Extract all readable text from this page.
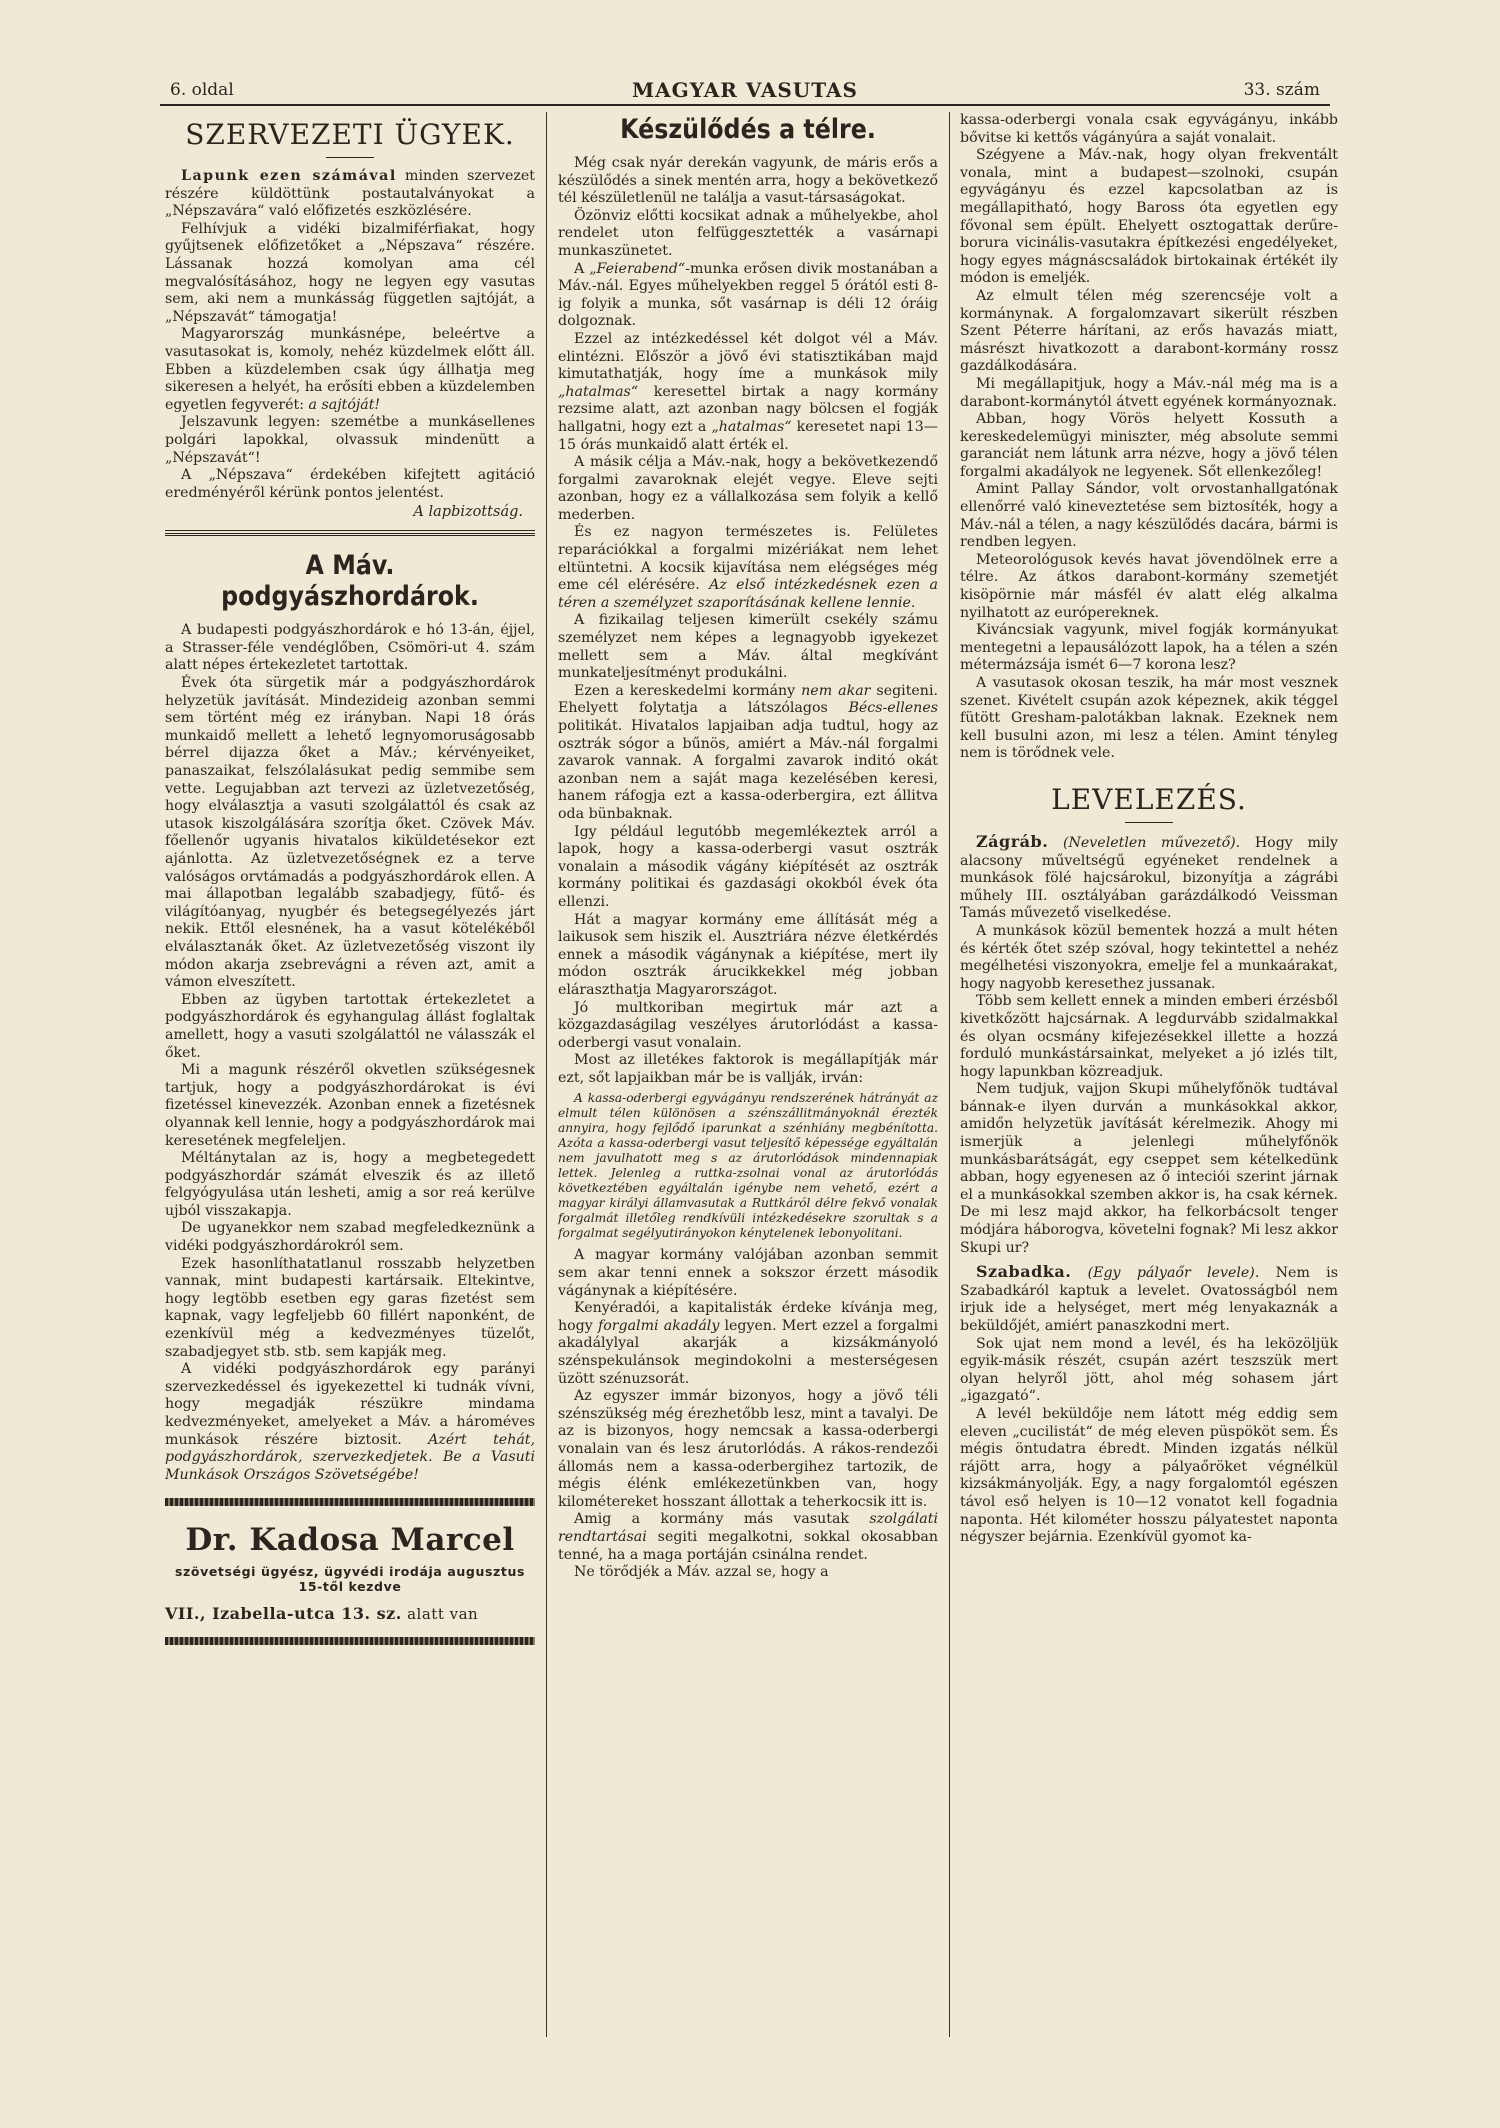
6. oldal	MAGYAR VASUTAS	33. szám
SZERVEZETI ÜGYEK.

Lapunk ezen számával minden szervezet részére küldöttünk postautalványokat a „Népszavára“ való előfizetés eszközlésére.

Felhívjuk a vidéki bizalmiférfiakat, hogy gyűjtsenek előfizetőket a „Népszava“ részére. Lássanak hozzá komolyan ama cél megvalósításához, hogy ne legyen egy vasutas sem, aki nem a munkásság független sajtóját, a „Népszavát“ támogatja!

Magyarország munkásnépe, beleértve a vasutasokat is, komoly, nehéz küzdelmek előtt áll. Ebben a küzdelemben csak úgy állhatja meg sikeresen a helyét, ha erősíti ebben a küzdelemben egyetlen fegyverét: a sajtóját!

Jelszavunk legyen: szemétbe a munkásellenes polgári lapokkal, olvassuk mindenütt a „Népszavát“!

A „Népszava“ érdekében kifejtett agitáció eredményéről kérünk pontos jelentést.

A lapbizottság.
A Máv. podgyászhordárok.

A budapesti podgyászhordárok e hó 13-án, éjjel, a Strasser-féle vendéglőben, Csömöri-ut 4. szám alatt népes értekezletet tartottak.

Évek óta sürgetik már a podgyászhordárok helyzetük javítását. Mindezideig azonban semmi sem történt még ez irányban. Napi 18 órás munkaidő mellett a lehető legnyomoruságosabb bérrel dijazza őket a Máv.; kérvényeiket, panaszaikat, felszólalásukat pedig semmibe sem vette. Legujabban azt tervezi az üzletvezetőség, hogy elválasztja a vasuti szolgálattól és csak az utasok kiszolgálására szorítja őket. Czövek Máv. főellenőr ugyanis hivatalos kiküldetésekor ezt ajánlotta. Az üzletvezetőségnek ez a terve valóságos orvtámadás a podgyászhordárok ellen. A mai állapotban legalább szabadjegy, fütő- és világítóanyag, nyugbér és betegsegélyezés járt nekik. Ettől elesnének, ha a vasut kötelékéből elválasztanák őket. Az üzletvezetőség viszont ily módon akarja zsebrevágni a réven azt, amit a vámon elveszített.

Ebben az ügyben tartottak értekezletet a podgyászhordárok és egyhangulag állást foglaltak amellett, hogy a vasuti szolgálattól ne válasszák el őket.

Mi a magunk részéről okvetlen szükségesnek tartjuk, hogy a podgyászhordárokat is évi fizetéssel kinevezzék. Azonban ennek a fizetésnek olyannak kell lennie, hogy a podgyászhordárok mai keresetének megfeleljen.

Méltánytalan az is, hogy a megbetegedett podgyászhordár számát elveszik és az illető felgyógyulása után lesheti, amig a sor reá kerülve ujból visszakapja.

De ugyanekkor nem szabad megfeledkeznünk a vidéki podgyászhordárokról sem.

Ezek hasonlíthatatlanul rosszabb helyzetben vannak, mint budapesti kartársaik. Eltekintve, hogy legtöbb esetben egy garas fizetést sem kapnak, vagy legfeljebb 60 fillért naponként, de ezenkívül még a kedvezményes tüzelőt, szabadjegyet stb. stb. sem kapják meg.

A vidéki podgyászhordárok egy parányi szervezkedéssel és igyekezettel ki tudnák vívni, hogy megadják részükre mindama kedvezményeket, amelyeket a Máv. a hároméves munkások részére biztosit. Azért tehát, podgyászhordárok, szervezkedjetek. Be a Vasuti Munkások Országos Szövetségébe!

Dr. Kadosa Marcel
szövetségi ügyész, ügyvédi irodája augusztus 15-től kezdve
VII., Izabella-utca 13. sz. alatt van
Készülődés a télre.

Még csak nyár derekán vagyunk, de máris erős a készülődés a sinek mentén arra, hogy a bekövetkező tél készületlenül ne találja a vasut-társaságokat.

Özönviz előtti kocsikat adnak a műhelyekbe, ahol rendelet uton felfüggesztették a vasárnapi munkaszünetet.

A „Feierabend“-munka erősen divik mostanában a Máv.-nál. Egyes műhelyekben reggel 5 órától esti 8-ig folyik a munka, sőt vasárnap is déli 12 óráig dolgoznak.

Ezzel az intézkedéssel két dolgot vél a Máv. elintézni. Először a jövő évi statisztikában majd kimutathatják, hogy íme a munkások mily „hatalmas“ keresettel birtak a nagy kormány rezsime alatt, azt azonban nagy bölcsen el fogják hallgatni, hogy ezt a „hatalmas“ keresetet napi 13—15 órás munkaidő alatt érték el.

A másik célja a Máv.-nak, hogy a bekövetkezendő forgalmi zavaroknak elejét vegye. Eleve sejti azonban, hogy ez a vállalkozása sem folyik a kellő mederben.

És ez nagyon természetes is. Felületes reparációkkal a forgalmi mizériákat nem lehet eltüntetni. A kocsik kijavítása nem elégséges még eme cél elérésére. Az első intézkedésnek ezen a téren a személyzet szaporításának kellene lennie.

A fizikailag teljesen kimerült csekély számu személyzet nem képes a legnagyobb igyekezet mellett sem a Máv. által megkívánt munkateljesítményt produkálni.

Ezen a kereskedelmi kormány nem akar segiteni. Ehelyett folytatja a látszólagos Bécs-ellenes politikát. Hivatalos lapjaiban adja tudtul, hogy az osztrák sógor a bűnös, amiért a Máv.-nál forgalmi zavarok vannak. A forgalmi zavarok inditó okát azonban nem a saját maga kezelésében keresi, hanem ráfogja ezt a kassa-oderbergira, ezt állitva oda bünbaknak.

Igy például legutóbb megemlékeztek arról a lapok, hogy a kassa-oderbergi vasut osztrák vonalain a második vágány kiépítését az osztrák kormány politikai és gazdasági okokból évek óta ellenzi.

Hát a magyar kormány eme állítását még a laikusok sem hiszik el. Ausztriára nézve életkérdés ennek a második vágánynak a kiépítése, mert ily módon osztrák árucikkekkel még jobban eláraszthatja Magyarországot.

Jó multkoriban megirtuk már azt a közgazdaságilag veszélyes árutorlódást a kassa-oderbergi vasut vonalain.

Most az illetékes faktorok is megállapítják már ezt, sőt lapjaikban már be is vallják, irván:

A kassa-oderbergi egyvágányu rendszerének hátrányát az elmult télen különösen a szénszállitmányoknál érezték annyira, hogy fejlődő iparunkat a szénhiány megbénította. Azóta a kassa-oderbergi vasut teljesítő képessége egyáltalán nem javulhatott meg s az árutorlódások mindennapiak lettek. Jelenleg a ruttka-zsolnai vonal az árutorlódás következtében egyáltalán igénybe nem vehető, ezért a magyar királyi államvasutak a Ruttkáról délre fekvő vonalak forgalmát illetőleg rendkívüli intézkedésekre szorultak s a forgalmat segélyutirányokon kénytelenek lebonyolitani.

A magyar kormány valójában azonban semmit sem akar tenni ennek a sokszor érzett második vágánynak a kiépítésére.

Kenyéradói, a kapitalisták érdeke kívánja meg, hogy forgalmi akadály legyen. Mert ezzel a forgalmi akadálylyal akarják a kizsákmányoló szénspekulánsok megindokolni a mesterségesen üzött szénuzsorát.

Az egyszer immár bizonyos, hogy a jövő téli szénszükség még érezhetőbb lesz, mint a tavalyi. De az is bizonyos, hogy nemcsak a kassa-oderbergi vonalain van és lesz árutorlódás. A rákos-rendezői állomás nem a kassa-oderbergihez tartozik, de mégis élénk emlékezetünkben van, hogy kilométereket hosszant állottak a teherkocsik itt is.

Amig a kormány más vasutak szolgálati rendtartásai segiti megalkotni, sokkal okosabban tenné, ha a maga portáján csinálna rendet.

Ne törődjék a Máv. azzal se, hogy a

kassa-oderbergi vonala csak egyvágányu, inkább bővitse ki kettős vágányúra a saját vonalait.

Szégyene a Máv.-nak, hogy olyan frekventált vonala, mint a budapest—szolnoki, csupán egyvágányu és ezzel kapcsolatban az is megállapitható, hogy Baross óta egyetlen egy fővonal sem épült. Ehelyett osztogattak derűre-borura vicinális-vasutakra építkezési engedélyeket, hogy egyes mágnáscsaládok birtokainak értékét ily módon is emeljék.

Az elmult télen még szerencséje volt a kormánynak. A forgalomzavart sikerült részben Szent Péterre hárítani, az erős havazás miatt, másrészt hivatkozott a darabont-kormány rossz gazdálkodására.

Mi megállapitjuk, hogy a Máv.-nál még ma is a darabont-kormánytól átvett egyének kormányoznak.

Abban, hogy Vörös helyett Kossuth a kereskedelemügyi miniszter, még absolute semmi garanciát nem látunk arra nézve, hogy a jövő télen forgalmi akadályok ne legyenek. Sőt ellenkezőleg!

Amint Pallay Sándor, volt orvostanhallgatónak ellenőrré való kineveztetése sem biztosíték, hogy a Máv.-nál a télen, a nagy készülődés dacára, bármi is rendben legyen.

Meteorológusok kevés havat jövendölnek erre a télre. Az átkos darabont-kormány szemetjét kisöpörnie már másfél év alatt elég alkalma nyilhatott az európereknek.

Kiváncsiak vagyunk, mivel fogják kormányukat mentegetni a lepausálózott lapok, ha a télen a szén métermázsája ismét 6—7 korona lesz?

A vasutasok okosan teszik, ha már most vesznek szenet. Kivételt csupán azok képeznek, akik téggel fütött Gresham-palotákban laknak. Ezeknek nem kell busulni azon, mi lesz a télen. Amint tényleg nem is törődnek vele.

LEVELEZÉS.

Zágráb. (Neveletlen művezető). Hogy mily alacsony műveltségű egyéneket rendelnek a munkások fölé hajcsárokul, bizonyítja a zágrábi műhely III. osztályában garázdálkodó Veissman Tamás művezető viselkedése.

A munkások közül bementek hozzá a mult héten és kérték őtet szép szóval, hogy tekintettel a nehéz megélhetési viszonyokra, emelje fel a munkaárakat, hogy nagyobb keresethez jussanak.

Több sem kellett ennek a minden emberi érzésből kivetkőzött hajcsárnak. A legdurvább szidalmakkal és olyan ocsmány kifejezésekkel illette a hozzá forduló munkástársainkat, melyeket a jó izlés tilt, hogy lapunkban közreadjuk.

Nem tudjuk, vajjon Skupi műhelyfőnök tudtával bánnak-e ilyen durván a munkásokkal akkor, amidőn helyzetük javítását kérelmezik. Ahogy mi ismerjük a jelenlegi műhelyfőnök munkásbarátságát, egy cseppet sem kételkedünk abban, hogy egyenesen az ő inteciói szerint járnak el a munkásokkal szemben akkor is, ha csak kérnek. De mi lesz majd akkor, ha felkorbácsolt tenger módjára háborogva, követelni fognak? Mi lesz akkor Skupi ur?

Szabadka. (Egy pályaőr levele). Nem is Szabadkáról kaptuk a levelet. Ovatosságból nem irjuk ide a helységet, mert még lenyakaznák a beküldőjét, amiért panaszkodni mert.

Sok ujat nem mond a levél, és ha leközöljük egyik-másik részét, csupán azért teszszük mert olyan helyről jött, ahol még sohasem járt „igazgató“.

A levél beküldője nem látott még eddig sem eleven „cucilistát“ de még eleven püspököt sem. És mégis öntudatra ébredt. Minden izgatás nélkül rájött arra, hogy a pályaőröket végnélkül kizsákmányolják. Egy, a nagy forgalomtól egészen távol eső helyen is 10—12 vonatot kell fogadnia naponta. Hét kilométer hosszu pályatestet naponta négyszer bejárnia. Ezenkívül gyomot ka-
